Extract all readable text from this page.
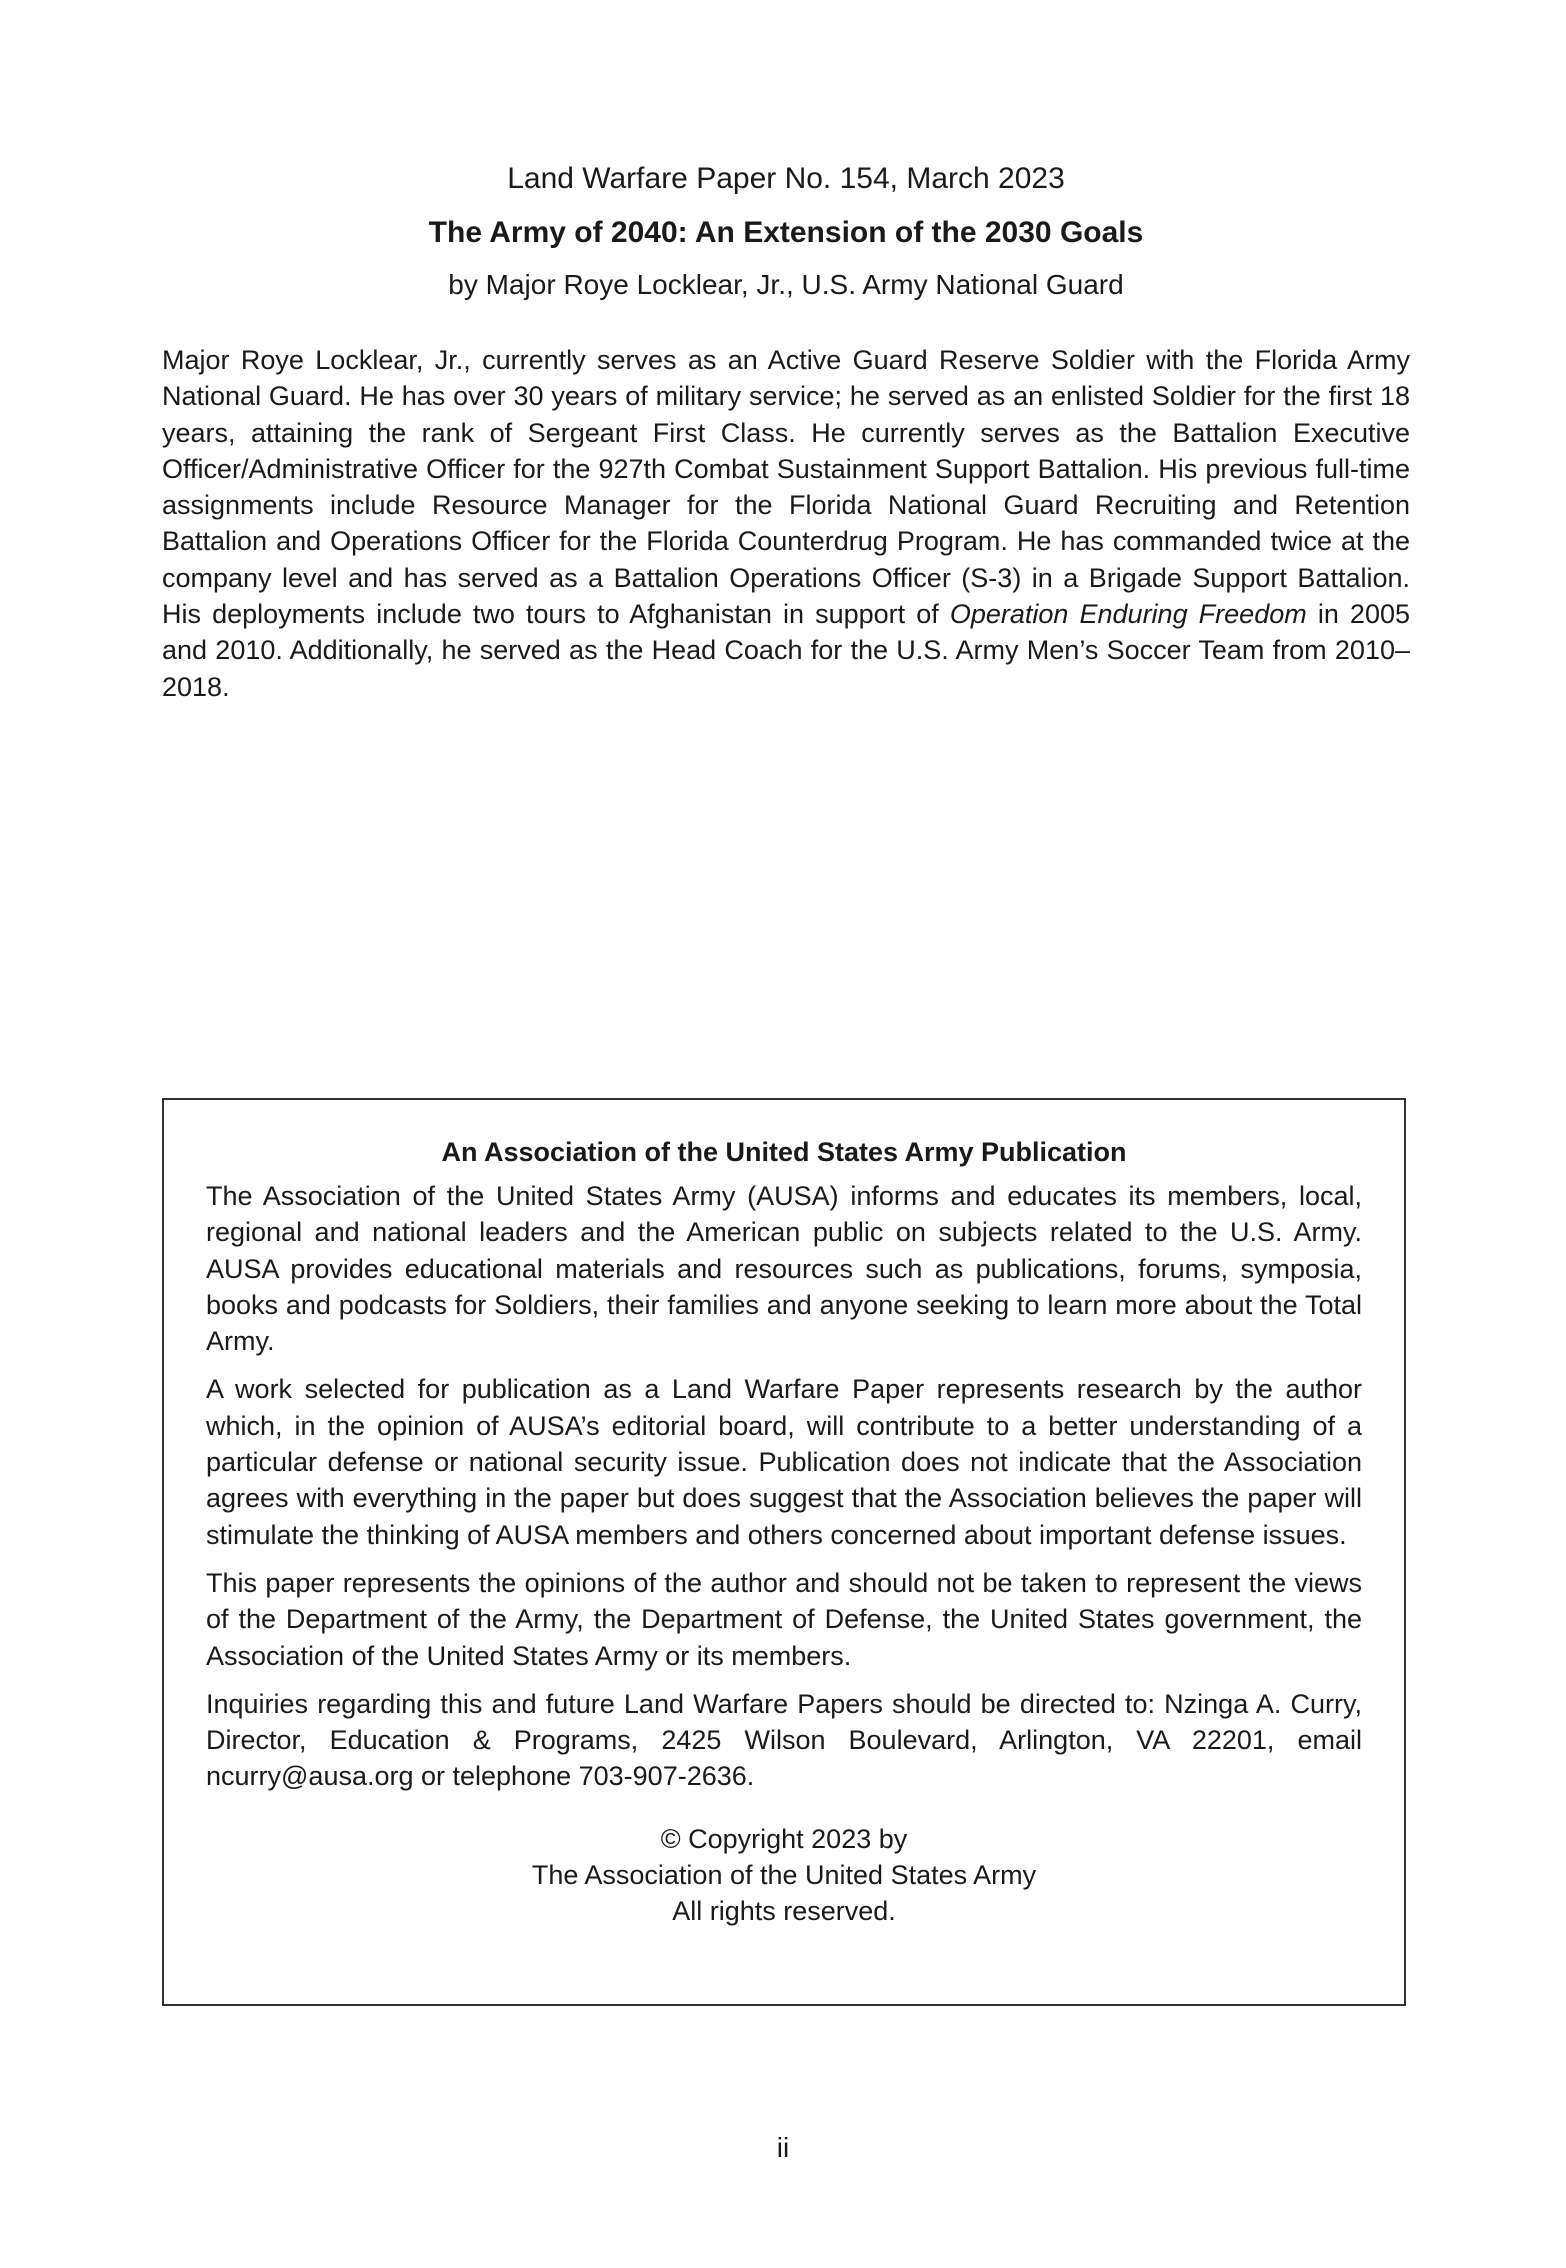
Land Warfare Paper No. 154, March 2023

The Army of 2040: An Extension of the 2030 Goals

by Major Roye Locklear, Jr., U.S. Army National Guard

Major Roye Locklear, Jr., currently serves as an Active Guard Reserve Soldier with the Florida Army National Guard. He has over 30 years of military service; he served as an enlisted Soldier for the first 18 years, attaining the rank of Sergeant First Class. He currently serves as the Battalion Executive Officer/Administrative Officer for the 927th Combat Sustainment Support Battalion. His previous full-time assignments include Resource Manager for the Florida National Guard Recruiting and Retention Battalion and Operations Officer for the Florida Counterdrug Program. He has commanded twice at the company level and has served as a Battalion Operations Officer (S-3) in a Brigade Support Battalion. His deployments include two tours to Afghanistan in support of Operation Enduring Freedom in 2005 and 2010. Additionally, he served as the Head Coach for the U.S. Army Men’s Soccer Team from 2010–2018.

An Association of the United States Army Publication

The Association of the United States Army (AUSA) informs and educates its members, local, regional and national leaders and the American public on subjects related to the U.S. Army. AUSA provides educational materials and resources such as publications, forums, symposia, books and podcasts for Soldiers, their families and anyone seeking to learn more about the Total Army.

A work selected for publication as a Land Warfare Paper represents research by the author which, in the opinion of AUSA’s editorial board, will contribute to a better understanding of a particular defense or national security issue. Publication does not indicate that the Association agrees with everything in the paper but does suggest that the Association believes the paper will stimulate the thinking of AUSA members and others concerned about important defense issues.

This paper represents the opinions of the author and should not be taken to represent the views of the Department of the Army, the Department of Defense, the United States government, the Association of the United States Army or its members.

Inquiries regarding this and future Land Warfare Papers should be directed to: Nzinga A. Curry, Director, Education & Programs, 2425 Wilson Boulevard, Arlington, VA 22201, email ncurry@ausa.org or telephone 703-907-2636.

© Copyright 2023 by
The Association of the United States Army
All rights reserved.
ii
